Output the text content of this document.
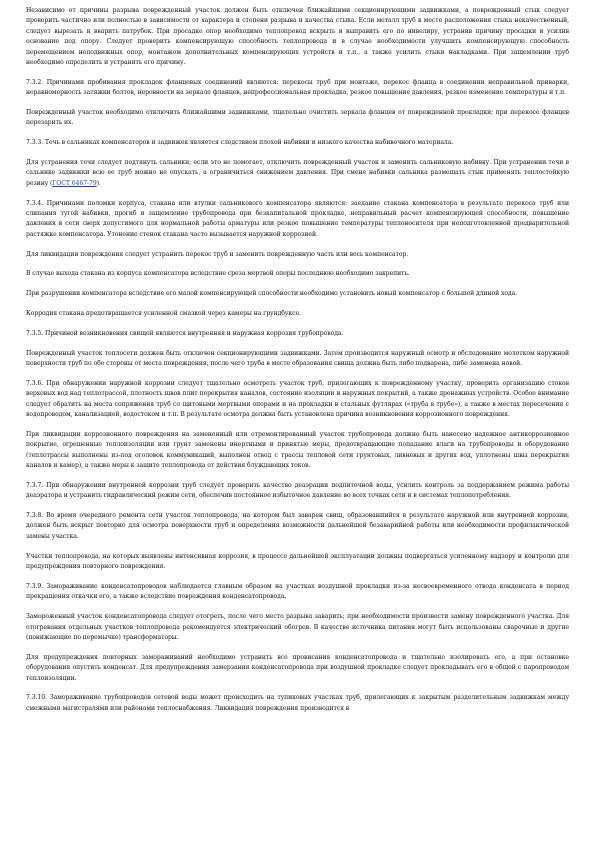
Независимо от причины разрыва поврежденный участок должен быть отключен ближайшими секционирующими задвижками, а поврежденный стык следует проверить частично или полностью в зависимости от характера и степени разрыва и качества стыка. Если металл труб в месте расположения стыка некачественный, следует вырезать и вварить патрубок. При просадке опор необходимо теплопровод вскрыть и выправить его по нивелиру, устранив причину просадки и усилив основание под опору. Следует проверить компенсирующую способность теплопровода и в случае необходимости улучшить компенсирующую способность перемещением неподвижных опор, монтажом дополнительных компенсирующих устройств и т.п., а также усилить стыки накладками. При защемлении труб необходимо определить и устранить его причину.

7.3.2. Причинами пробивания прокладок фланцевых соединений являются: перекосы труб при монтаже, перекос фланца в соединении неправильной приварки, неравномерность затяжки болтов, неровности на зеркале фланцев, непрофессиональная прокладка, резкое повышение давления, резкое изменение температуры и т.п.

Поврежденный участок необходимо отключить ближайшими задвижками, тщательно очистить зеркала фланцев от поврежденной прокладки; при перекосе фланцев перезарить их.

7.3.3. Течь в сальниках компенсаторов и задвижек является следствием плохой набивки и низкого качества набивочного материала.

Для устранения течи следует подтянуть сальники; если это не помогает, отключить поврежденный участок и заменить сальниковую набивку. При устранении течи в сальнике задвижки всю ее труб можно не опускать, а ограничиться снижением давления. При смене набивки сальника размещать стык применять теплостойкую резину (ГОСТ 6467-79).

7.3.4. Причинами поломки корпуса, стакана или втулки сальникового компенсатора являются: заедание стакана компенсатора в результате перекоса труб или слипания тугой набивки, прогиб и защемление трубопровода при безкапитальной прокладке, неправильный расчет компенсирующей способности, повышение давления в сети сверх допустимого для нормальной работы арматуры или резкое повышение температуры теплоносителя при неподготовленной предварительной растяжке компенсатора. Утонение стенок стакана часто вызывается наружной коррозией.

Для ликвидации повреждения следует устранить перекос труб и заменить поврежденную часть или весь компенсатор.

В случае выхода стакана из корпуса компенсатора вследствие среза мертвой опоры последнюю необходимо закрепить.

При разрушении компенсатора вследствие его малой компенсирующей способности необходимо установить новый компенсатор с большей длиной хода.

Корродия стакана предотвращается усиленной смазкой через камеры на грундбуксе.

7.3.5. Причиной возникновения свищей являются внутренняя и наружная коррозия трубопровода.

Поврежденный участок теплосети должен быть отключен секционирующими задвижками. Затем производится наружный осмотр и обследование молотком наружной поверхности труб по обе стороны от места повреждения, после чего труба в месте образования свища должна быть либо подварена, либо заменена новой.

7.3.6. При обнаружении наружной коррозии следует тщательно осмотреть участок труб, прилегающих к поврежденному участку, проверить организацию стоков верховых вод над теплотрассой, плотность швов плит перекрытия каналов, состояние изоляции и наружных покрытий, а также дренажных устройств. Особое внимание следует обратить на места сопряжения труб со щитовыми мертвыми опорами и на прокладки в стальных футлярах («труба в трубе»), а также в местах пересечения с водопроводом, канализацией, водостоком и т.п. В результате осмотра должна быть установлена причина возникновения коррозионного повреждения.

При ликвидации коррозионного повреждения на замененный или отремонтированный участок трубопровода должно быть нанесено надежное антикоррозионное покрытие, огрешенные теплоизоляции или грунт заменены инертными и принятые меры, предотвращающие попадание влаги на трубопроводы и оборудование (теплотрассы выполнены из-под оголовок коммуникаций, выполнен отвод с трассы тепловой сети грунтовых, ливневых и других вод, уплотнены швы перекрытия каналов и камер), а также меры к защите теплопровода от действия блуждающих токов.

7.3.7. При обнаружении внутренней коррозии труб следует проверить качество деаэрации подпиточной воды, усилить контроль за поддержанием режима работы деаэратора и устранить гидравлический режим сети, обеспечив постоянное избыточное давление во всех точках сети и в системах теплопотребления.

7.3.8. Во время очередного ремонта сети участок теплопровода, на котором был заварен свищ, образовавшийся в результате наружной или внутренней коррозии, должен быть вскрыт повторно для осмотра поверхности труб и определения возможности дальнейшей безаварийной работы или необходимости профилактической замены участка.

Участки теплопровода, на которых выявлены интенсивная коррозия, в процессе дальнейшей эксплуатации должны подвергаться усиленному надзору и контролю для предупреждения повторного повреждения.

7.3.9. Замораживание конденсатопроводов наблюдается главным образом на участках воздушной прокладки из-за несвоевременного отвода конденсата в период прекращения откачки его, а также вследствие повреждения конденсатопровода.

Замороженный участок конденсатопровода следует отогреть, после чего место разрыва заварить; при необходимости произвести замену поврежденного участка. Для отогревания отдельных участков теплопровода рекомендуется электрический обогрев. В качестве источника питания могут быть использованы сварочные и другие (понижающие по перемычке) трансформаторы.

Для предупреждения повторных замораживаний необходимо устранить все провисания конденсатопровода и тщательно изолировать его, а при остановке оборудования опустить конденсат. Для предупреждения замерзания конденсатопровода при воздушной прокладке следует прокладывать его в общей с паропроводом теплоизоляции.

7.3.10. Замораживание трубопроводов сетевой воды может происходить на тупиковых участках труб, прилегающих к закрытым разделительным задвижкам между смежными магистралями или районами теплоснабжения. Ликвидация повреждения производится в
